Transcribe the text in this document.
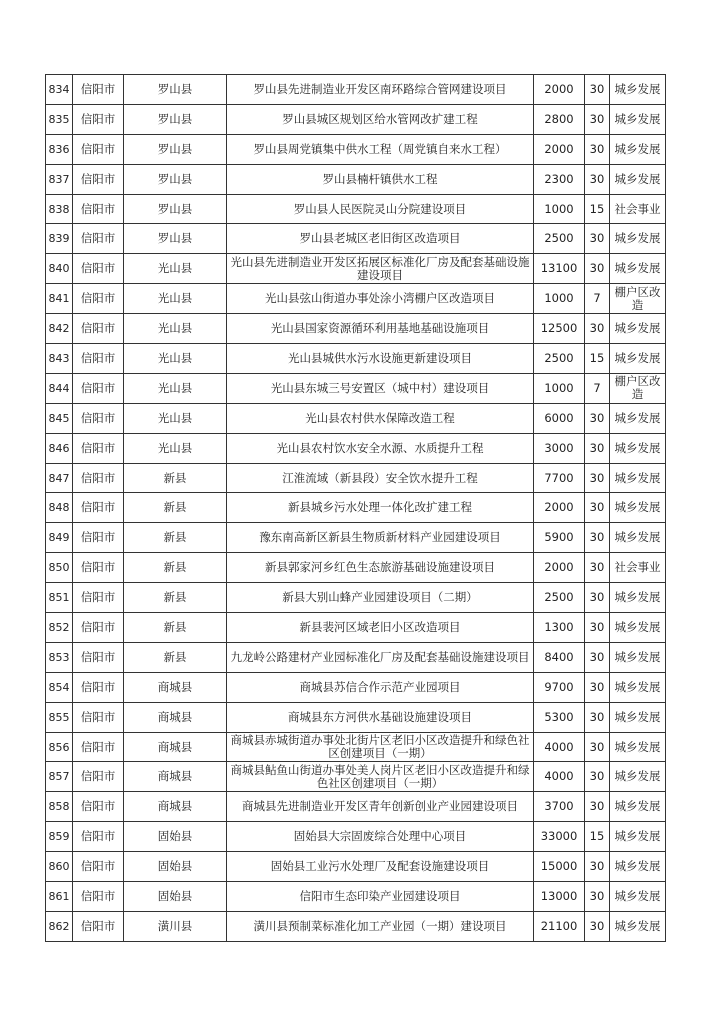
834	信阳市	罗山县	罗山县先进制造业开发区南环路综合管网建设项目	2000	30	城乡发展
835	信阳市	罗山县	罗山县城区规划区给水管网改扩建工程	2800	30	城乡发展
836	信阳市	罗山县	罗山县周党镇集中供水工程（周党镇自来水工程）	2000	30	城乡发展
837	信阳市	罗山县	罗山县楠杆镇供水工程	2300	30	城乡发展
838	信阳市	罗山县	罗山县人民医院灵山分院建设项目	1000	15	社会事业
839	信阳市	罗山县	罗山县老城区老旧街区改造项目	2500	30	城乡发展
840	信阳市	光山县	光山县先进制造业开发区拓展区标准化厂房及配套基础设施建设项目	13100	30	城乡发展
841	信阳市	光山县	光山县弦山街道办事处涂小湾棚户区改造项目	1000	7	棚户区改造
842	信阳市	光山县	光山县国家资源循环利用基地基础设施项目	12500	30	城乡发展
843	信阳市	光山县	光山县城供水污水设施更新建设项目	2500	15	城乡发展
844	信阳市	光山县	光山县东城三号安置区（城中村）建设项目	1000	7	棚户区改造
845	信阳市	光山县	光山县农村供水保障改造工程	6000	30	城乡发展
846	信阳市	光山县	光山县农村饮水安全水源、水质提升工程	3000	30	城乡发展
847	信阳市	新县	江淮流域（新县段）安全饮水提升工程	7700	30	城乡发展
848	信阳市	新县	新县城乡污水处理一体化改扩建工程	2000	30	城乡发展
849	信阳市	新县	豫东南高新区新县生物质新材料产业园建设项目	5900	30	城乡发展
850	信阳市	新县	新县郭家河乡红色生态旅游基础设施建设项目	2000	30	社会事业
851	信阳市	新县	新县大别山蜂产业园建设项目（二期）	2500	30	城乡发展
852	信阳市	新县	新县裴河区域老旧小区改造项目	1300	30	城乡发展
853	信阳市	新县	九龙岭公路建材产业园标准化厂房及配套基础设施建设项目	8400	30	城乡发展
854	信阳市	商城县	商城县苏信合作示范产业园项目	9700	30	城乡发展
855	信阳市	商城县	商城县东方河供水基础设施建设项目	5300	30	城乡发展
856	信阳市	商城县	商城县赤城街道办事处北街片区老旧小区改造提升和绿色社区创建项目（一期）	4000	30	城乡发展
857	信阳市	商城县	商城县鲇鱼山街道办事处美人岗片区老旧小区改造提升和绿色社区创建项目（一期）	4000	30	城乡发展
858	信阳市	商城县	商城县先进制造业开发区青年创新创业产业园建设项目	3700	30	城乡发展
859	信阳市	固始县	固始县大宗固废综合处理中心项目	33000	15	城乡发展
860	信阳市	固始县	固始县工业污水处理厂及配套设施建设项目	15000	30	城乡发展
861	信阳市	固始县	信阳市生态印染产业园建设项目	13000	30	城乡发展
862	信阳市	潢川县	潢川县预制菜标准化加工产业园（一期）建设项目	21100	30	城乡发展
